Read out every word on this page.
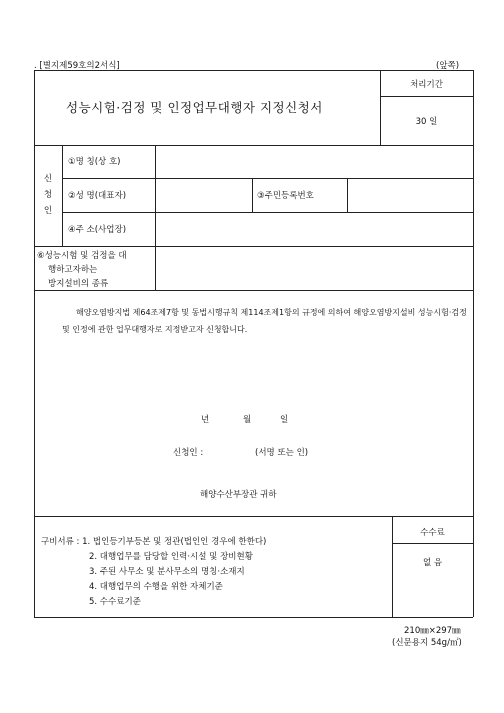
. [별지제59호의2서식]	(앞쪽)
성능시험·검정 및 인정업무대행자 지정신청서
처리기간
30 일
신
청
인
①명 칭(상 호)
②성 명(대표자)	③주민등록번호
④주 소(사업장)
⑥성능시험 및 검정을 대
행하고자하는
방지설비의 종류
해양오염방지법 제64조제7항 및 동법시행규칙 제114조제1항의 규정에 의하여 해양오염방지설비 성능시험·검정 및 인정에 관한 업무대행자로 지정받고자 신청합니다.
년	월	일
신청인 :	(서명 또는 인)
해양수산부장관 귀하
구비서류 : 1. 법인등기부등본 및 정관(법인인 경우에 한한다)
2. 대행업무를 담당할 인력·시설 및 장비현황
3. 주된 사무소 및 분사무소의 명칭·소재지
4. 대행업무의 수행을 위한 자체기준
5. 수수료기준
수수료
없 음
210㎜×297㎜
(신문용지 54g/㎡)
